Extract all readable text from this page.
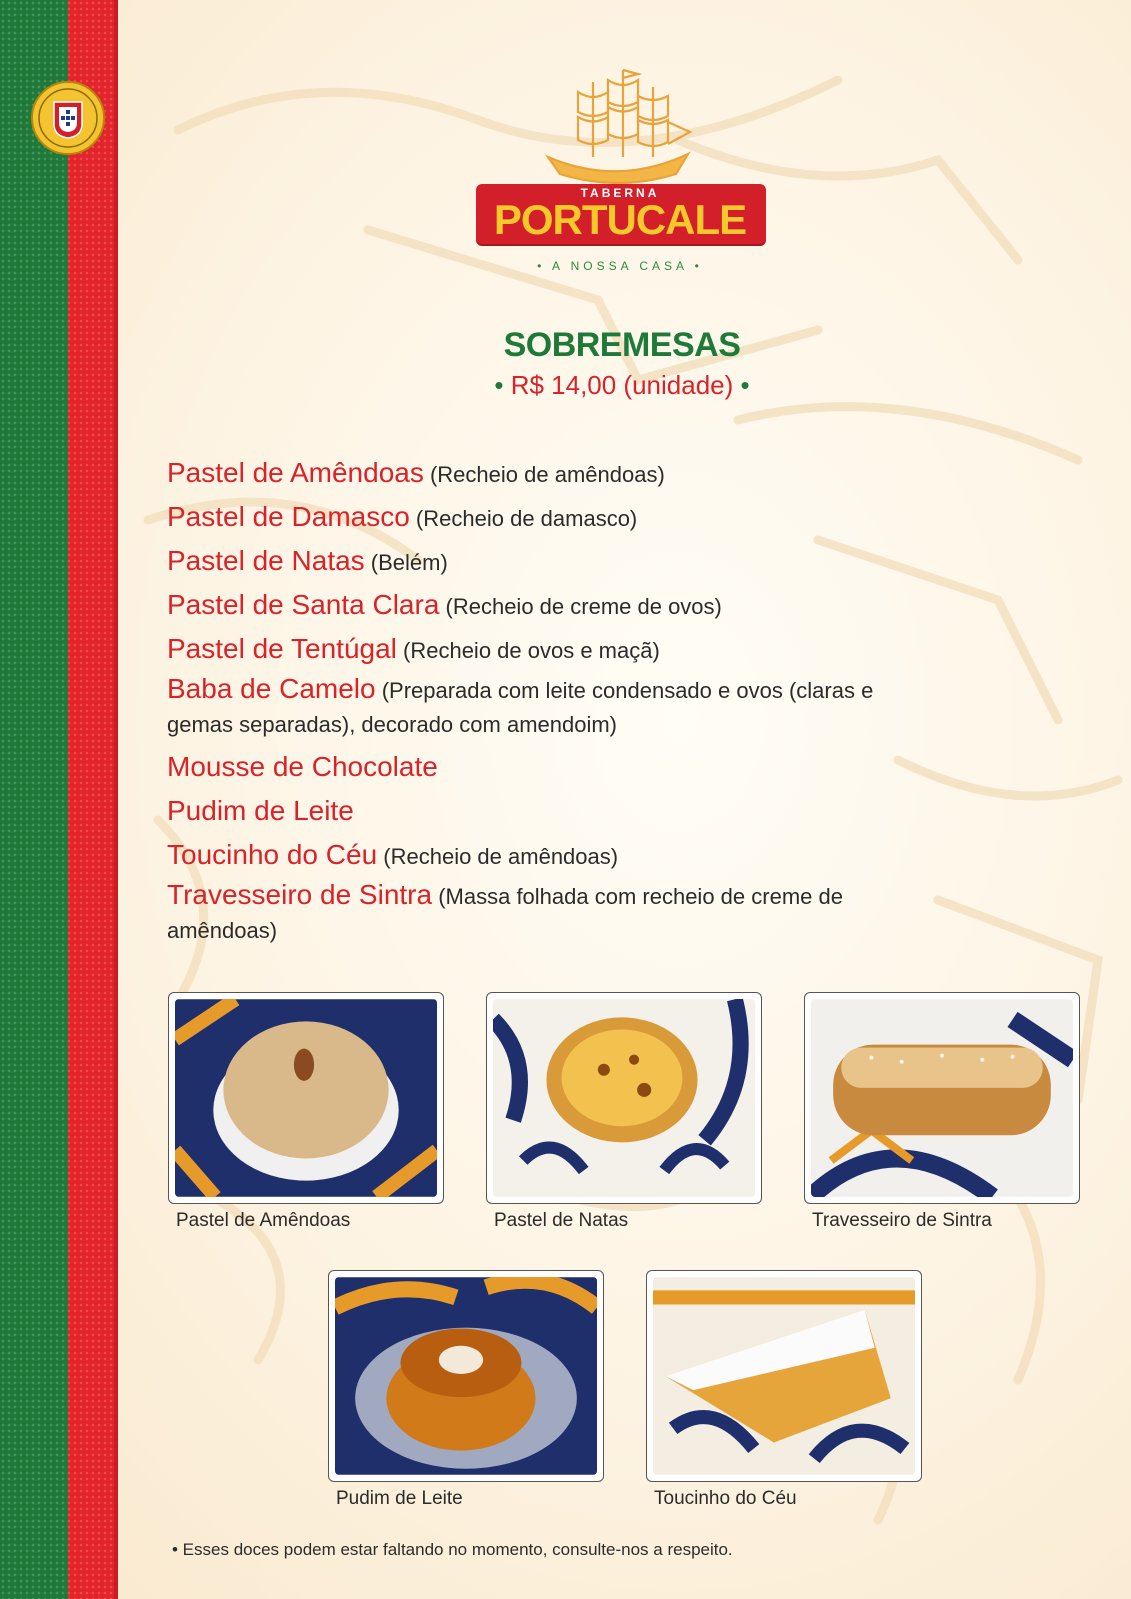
TABERNA
PORTUCALE
• A NOSSA CASA •
SOBREMESAS
• R$ 14,00 (unidade) •
Pastel de Amêndoas (Recheio de amêndoas)
Pastel de Damasco (Recheio de damasco)
Pastel de Natas (Belém)
Pastel de Santa Clara (Recheio de creme de ovos)
Pastel de Tentúgal (Recheio de ovos e maçã)
Baba de Camelo (Preparada com leite condensado e ovos (claras e gemas separadas), decorado com amendoim)
Mousse de Chocolate
Pudim de Leite
Toucinho do Céu (Recheio de amêndoas)
Travesseiro de Sintra (Massa folhada com recheio de creme de amêndoas)
Pastel de Amêndoas	Pastel de Natas	Travesseiro de Sintra
Pudim de Leite	Toucinho do Céu
• Esses doces podem estar faltando no momento, consulte-nos a respeito.
